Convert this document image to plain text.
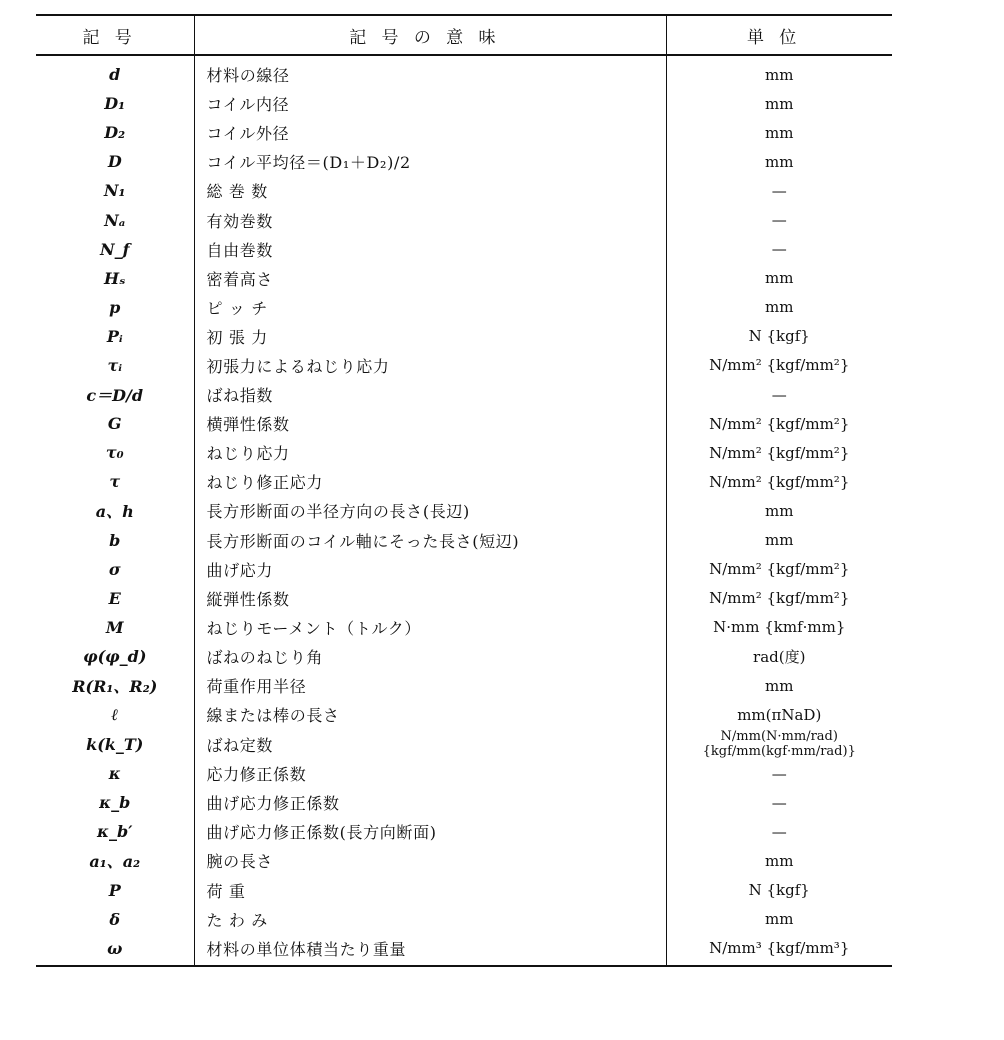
記号	記号の意味	単位
d	材料の線径	mm
D₁	コイル内径	mm
D₂	コイル外径	mm
D	コイル平均径＝(D₁＋D₂)/2	mm
N₁	総 巻 数	—
Nₐ	有効巻数	—
N_f	自由巻数	—
Hₛ	密着高さ	mm
p	ピ ッ チ	mm
Pᵢ	初 張 力	N {kgf}
τᵢ	初張力によるねじり応力	N/mm² {kgf/mm²}
c＝D/d	ばね指数	—
G	横弾性係数	N/mm² {kgf/mm²}
τ₀	ねじり応力	N/mm² {kgf/mm²}
τ	ねじり修正応力	N/mm² {kgf/mm²}
a、h	長方形断面の半径方向の長さ(長辺)	mm
b	長方形断面のコイル軸にそった長さ(短辺)	mm
σ	曲げ応力	N/mm² {kgf/mm²}
E	縦弾性係数	N/mm² {kgf/mm²}
M	ねじりモーメント（トルク）	N·mm {kmf·mm}
φ(φ_d)	ばねのねじり角	rad(度)
R(R₁、R₂)	荷重作用半径	mm
ℓ	線または棒の長さ	mm(πNaD)
k(k_T)	ばね定数	N/mm(N·mm/rad)
{kgf/mm(kgf·mm/rad)}

κ	応力修正係数	—
κ_b	曲げ応力修正係数	—
κ_b′	曲げ応力修正係数(長方向断面)	—
a₁、a₂	腕の長さ	mm
P	荷 重	N {kgf}
δ	た わ み	mm
ω	材料の単位体積当たり重量	N/mm³ {kgf/mm³}
